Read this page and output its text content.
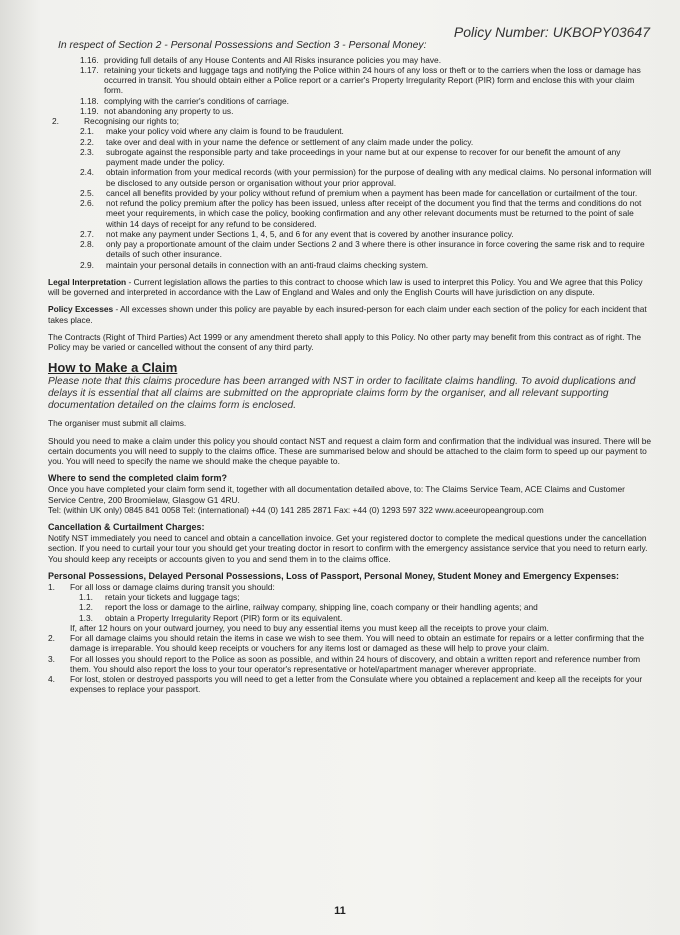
Policy Number: UKBOPY03647
In respect of Section 2 - Personal Possessions and Section 3 - Personal Money:
1.16. providing full details of any House Contents and All Risks insurance policies you may have.
1.17. retaining your tickets and luggage tags and notifying the Police within 24 hours of any loss or theft or to the carriers when the loss or damage has occurred in transit. You should obtain either a Police report or a carrier's Property Irregularity Report (PIR) form and enclose this with your claim form.
1.18. complying with the carrier's conditions of carriage.
1.19. not abandoning any property to us.
2.	Recognising our rights to;
2.1.	make your policy void where any claim is found to be fraudulent.
2.2.	take over and deal with in your name the defence or settlement of any claim made under the policy.
2.3.	subrogate against the responsible party and take proceedings in your name but at our expense to recover for our benefit the amount of any payment made under the policy.
2.4.	obtain information from your medical records (with your permission) for the purpose of dealing with any medical claims. No personal information will be disclosed to any outside person or organisation without your prior approval.
2.5.	cancel all benefits provided by your policy without refund of premium when a payment has been made for cancellation or curtailment of the tour.
2.6.	not refund the policy premium after the policy has been issued, unless after receipt of the document you find that the terms and conditions do not meet your requirements, in which case the policy, booking confirmation and any other relevant documents must be returned to the point of sale within 14 days of receipt for any refund to be considered.
2.7.	not make any payment under Sections 1, 4, 5, and 6 for any event that is covered by another insurance policy.
2.8.	only pay a proportionate amount of the claim under Sections 2 and 3 where there is other insurance in force covering the same risk and to require details of such other insurance.
2.9.	maintain your personal details in connection with an anti-fraud claims checking system.
Legal Interpretation - Current legislation allows the parties to this contract to choose which law is used to interpret this Policy. You and We agree that this Policy will be governed and interpreted in accordance with the Law of England and Wales and only the English Courts will have jurisdiction on any dispute.
Policy Excesses - All excesses shown under this policy are payable by each insured-person for each claim under each section of the policy for each incident that takes place.
The Contracts (Right of Third Parties) Act 1999 or any amendment thereto shall apply to this Policy. No other party may benefit from this contract as of right. The Policy may be varied or cancelled without the consent of any third party.
How to Make a Claim
Please note that this claims procedure has been arranged with NST in order to facilitate claims handling. To avoid duplications and delays it is essential that all claims are submitted on the appropriate claims form by the organiser, and all relevant supporting documentation detailed on the claims form is enclosed.
The organiser must submit all claims.
Should you need to make a claim under this policy you should contact NST and request a claim form and confirmation that the individual was insured. There will be certain documents you will need to supply to the claims office. These are summarised below and should be attached to the claim form to speed up our payment to you. You will need to specify the name we should make the cheque payable to.
Where to send the completed claim form?
Once you have completed your claim form send it, together with all documentation detailed above, to: The Claims Service Team, ACE Claims and Customer Service Centre, 200 Broomielaw, Glasgow G1 4RU.
Tel: (within UK only) 0845 841 0058 Tel: (international) +44 (0) 141 285 2871 Fax: +44 (0) 1293 597 322 www.aceeuropeangroup.com
Cancellation & Curtailment Charges:
Notify NST immediately you need to cancel and obtain a cancellation invoice. Get your registered doctor to complete the medical questions under the cancellation section. If you need to curtail your tour you should get your treating doctor in resort to confirm with the emergency assistance service that you need to return early. You should keep any receipts or accounts given to you and send them in to the claims office.
Personal Possessions, Delayed Personal Possessions, Loss of Passport, Personal Money, Student Money and Emergency Expenses:
1.	For all loss or damage claims during transit you should:
1.1.	retain your tickets and luggage tags;
1.2.	report the loss or damage to the airline, railway company, shipping line, coach company or their handling agents; and
1.3.	obtain a Property Irregularity Report (PIR) form or its equivalent.
If, after 12 hours on your outward journey, you need to buy any essential items you must keep all the receipts to prove your claim.
2.	For all damage claims you should retain the items in case we wish to see them. You will need to obtain an estimate for repairs or a letter confirming that the damage is irreparable. You should keep receipts or vouchers for any items lost or damaged as these will help to prove your claim.
3.	For all losses you should report to the Police as soon as possible, and within 24 hours of discovery, and obtain a written report and reference number from them. You should also report the loss to your tour operator's representative or hotel/apartment manager wherever appropriate.
4.	For lost, stolen or destroyed passports you will need to get a letter from the Consulate where you obtained a replacement and keep all the receipts for your expenses to replace your passport.
11
